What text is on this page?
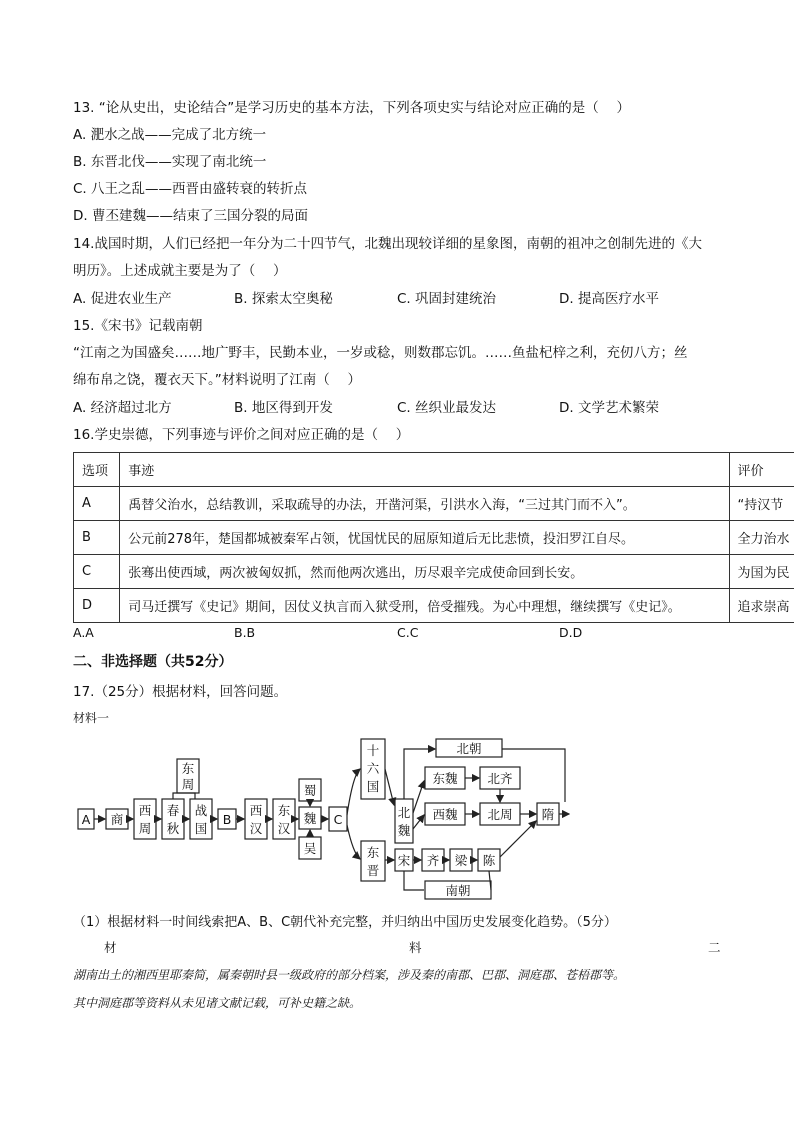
13. “论从史出，史论结合”是学习历史的基本方法，下列各项史实与结论对应正确的是（　 ）
A. 淝水之战——完成了北方统一
B. 东晋北伐——实现了南北统一
C. 八王之乱——西晋由盛转衰的转折点
D. 曹丕建魏——结束了三国分裂的局面
14.战国时期，人们已经把一年分为二十四节气，北魏出现较详细的星象图，南朝的祖冲之创制先进的《大
明历》。上述成就主要是为了（　 ）
A. 促进农业生产	B. 探索太空奥秘	C. 巩固封建统治	D. 提高医疗水平
15.《宋书》记载南朝
“江南之为国盛矣……地广野丰，民勤本业，一岁或稔，则数郡忘饥。……鱼盐杞梓之利，充仞八方；丝
绵布帛之饶，覆衣天下。”材料说明了江南（　 ）
A. 经济超过北方	B. 地区得到开发	C. 丝织业最发达	D. 文学艺术繁荣
16.学史崇德，下列事迹与评价之间对应正确的是（　 ）
选项	事迹	评价
A	禹替父治水，总结教训，采取疏导的办法，开凿河渠，引洪水入海，“三过其门而不入”。	“持汉节
B	公元前278年，楚国都城被秦军占领，忧国忧民的屈原知道后无比悲愤，投汨罗江自尽。	全力治水
C	张骞出使西域，两次被匈奴抓，然而他两次逃出，历尽艰辛完成使命回到长安。	为国为民
D	司马迁撰写《史记》期间，因仗义执言而入狱受刑，倍受摧残。为心中理想，继续撰写《史记》。	追求崇高
A.A	B.B	C.C	D.D
二、非选择题（共52分）
17.（25分）根据材料，回答问题。
材料一
A 商
西
周
东
周
春
秋
战
国
B
西
汉
东
汉
蜀
魏
吴
C
十
六
国
北
魏
北朝
东魏 北齐
西魏 北周 隋
东
晋
宋 齐 梁 陈
南朝
（1）根据材料一时间线索把A、B、C朝代补充完整，并归纳出中国历史发展变化趋势。（5分）
材	料	二
湖南出土的湘西里耶秦简，属秦朝时县一级政府的部分档案，涉及秦的南郡、巴郡、洞庭郡、苍梧郡等。
其中洞庭郡等资料从未见诸文献记载，可补史籍之缺。
